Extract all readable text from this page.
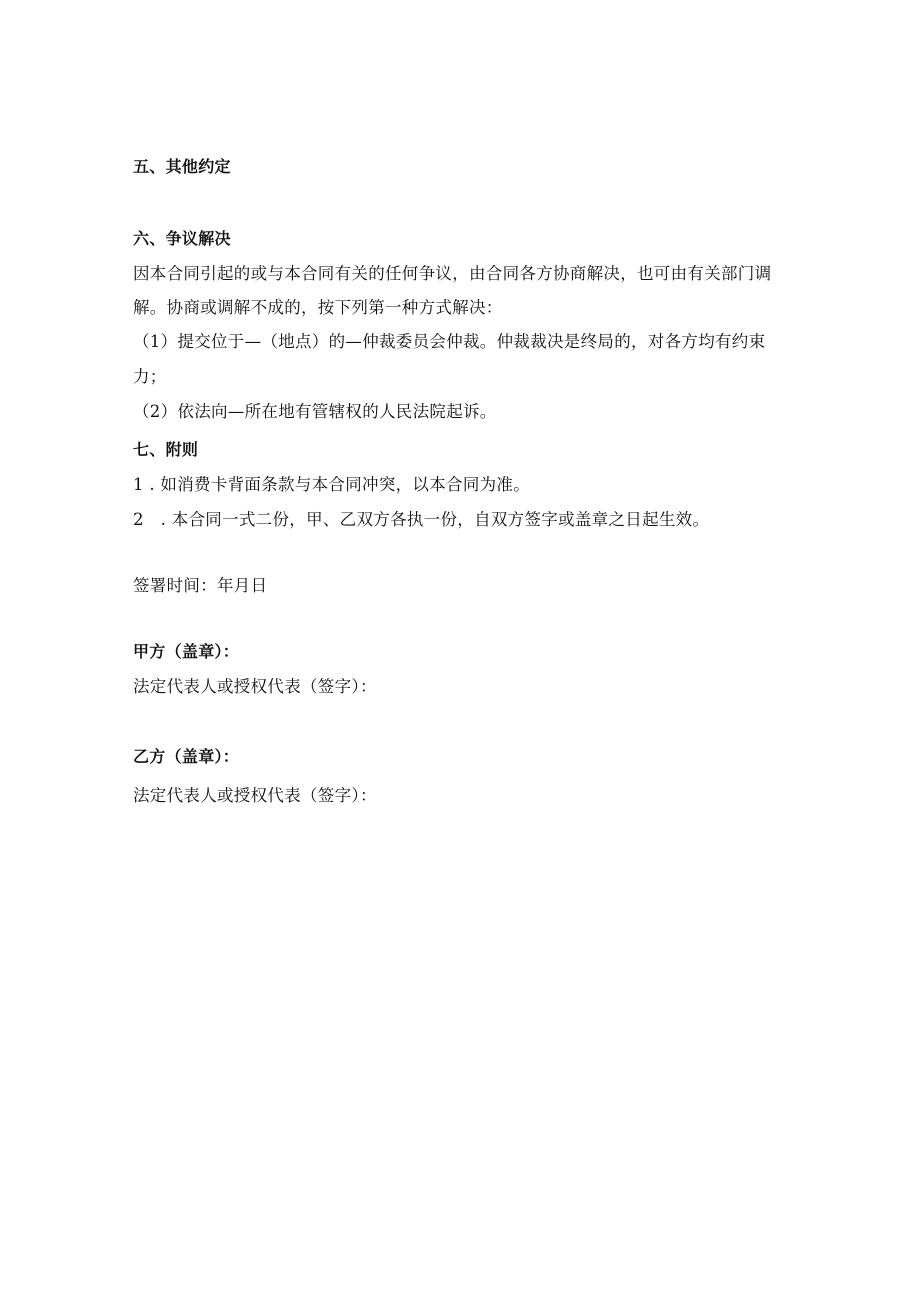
五、其他约定
六、争议解决
因本合同引起的或与本合同有关的任何争议，由合同各方协商解决，也可由有关部门调
解。协商或调解不成的，按下列第一种方式解决：
（1）提交位于—（地点）的—仲裁委员会仲裁。仲裁裁决是终局的，对各方均有约束
力；
（2）依法向—所在地有管辖权的人民法院起诉。
七、附则
1 . 如消费卡背面条款与本合同冲突，以本合同为准。
2　. 本合同一式二份，甲、乙双方各执一份，自双方签字或盖章之日起生效。
签署时间：年月日
甲方（盖章）：
法定代表人或授权代表（签字）：
乙方（盖章）：
法定代表人或授权代表（签字）：
